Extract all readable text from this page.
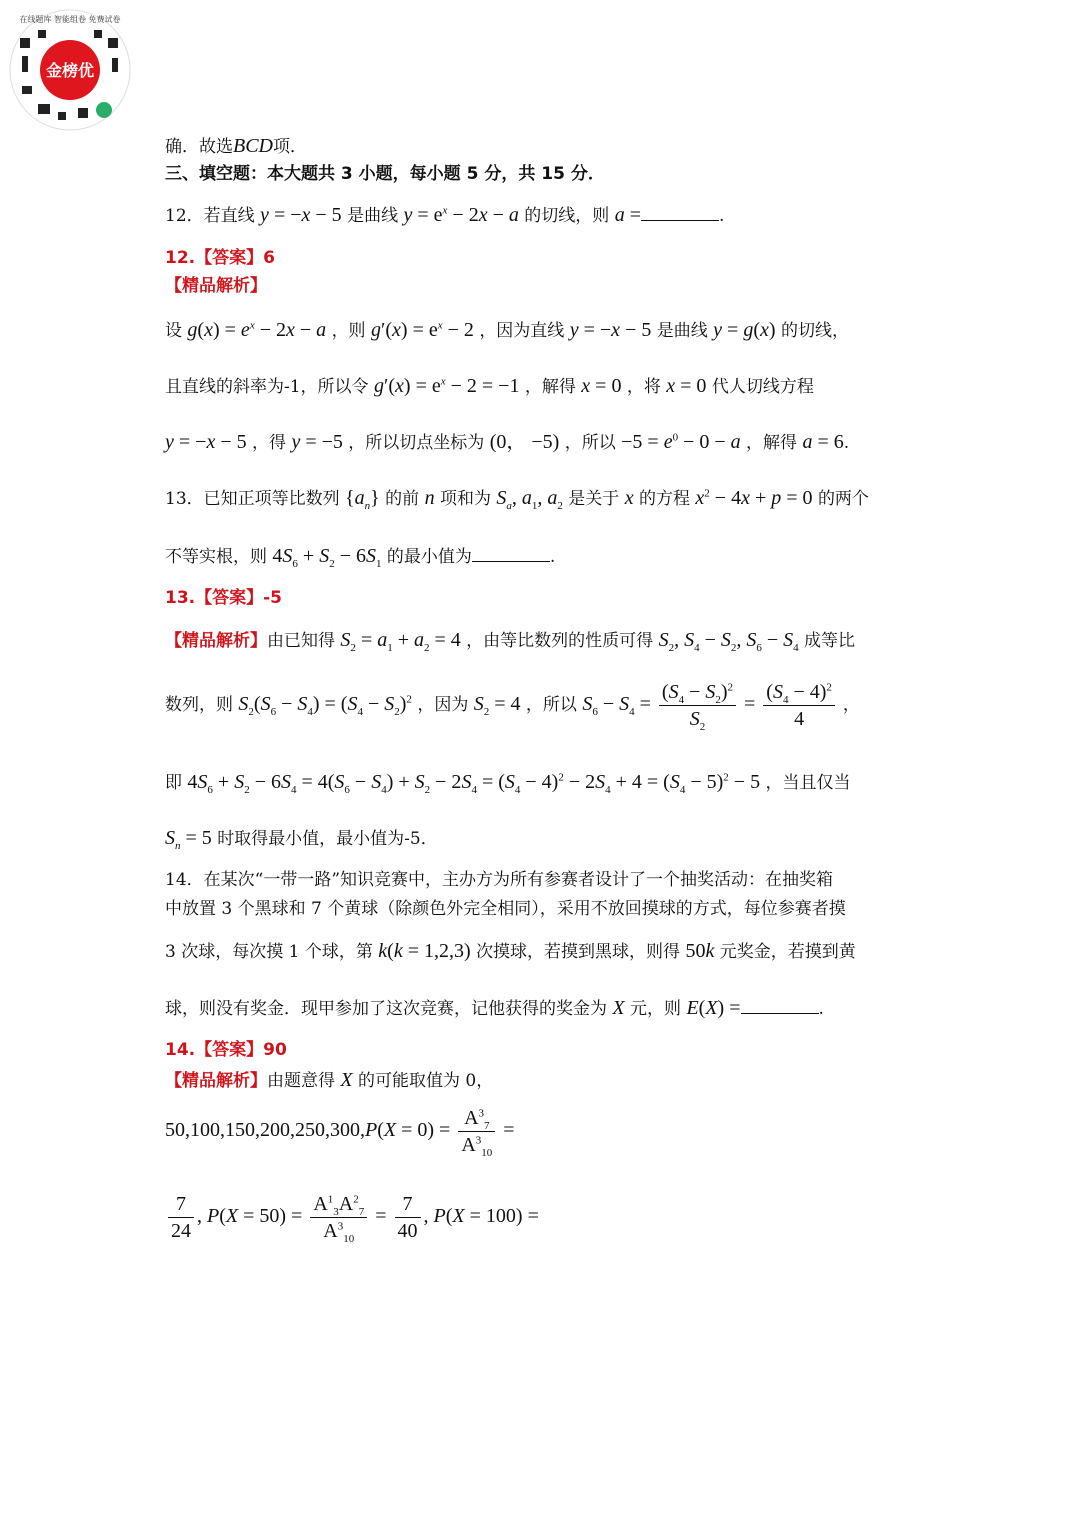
金榜优
在线题库 智能组卷 免费试卷
确．故选BCD项．
三、填空题：本大题共 3 小题，每小题 5 分，共 15 分．
12．若直线 y = −x − 5 是曲线 $y = e^x - 2x - a$ 的切线，则 a =	.
12.【答案】6
【精品解析】
设 $g(x) = e^x - 2x - a$ ，则 $g'(x) = e^x - 2$ ，因为直线 y = −x − 5 是曲线 y = g(x) 的切线，
且直线的斜率为-1，所以令 $g'(x) = e^x - 2 = -1$ ，解得 x = 0 ，将 x = 0 代人切线方程
y = −x − 5 ，得 y = −5 ，所以切点坐标为 (0， −5) ，所以 $-5 = e^0 - 0 - a$ ，解得 a = 6.
13．已知正项等比数列 $\{a_n\}$ 的前 n 项和为 $S_a$, $a_1$, $a_2$ 是关于 x 的方程 $x^2 - 4x + p = 0$ 的两个
不等实根，则 $4S_6 + S_2 - 6S_1$ 的最小值为	.
13.【答案】-5
【精品解析】由已知得 $S_2 = a_1 + a_2 = 4$ ，由等比数列的性质可得 $S_2$, $S_4 - S_2$, $S_6 - S_4$ 成等比
数列，则 $S_2(S_6 - S_4) = (S_4 - S_2)^2$ ，因为 $S_2 = 4$ ，所以 $S_6 - S_4 = \frac{(S_4 - S_2)^2}{S_2} = \frac{(S_4 - 4)^2}{4}$ ，
即 $4S_6 + S_2 - 6S_4 = 4(S_6 - S_4) + S_2 - 2S_4 = (S_4 - 4)^2 - 2S_4 + 4 = (S_4 - 5)^2 - 5$ ，当且仅当
$S_n = 5$ 时取得最小值，最小值为-5．
14．在某次“一带一路”知识竞赛中，主办方为所有参赛者设计了一个抽奖活动：在抽奖箱
中放置 3 个黑球和 7 个黄球（除颜色外完全相同），采用不放回摸球的方式，每位参赛者摸
3 次球，每次摸 1 个球，第 k(k = 1,2,3) 次摸球，若摸到黑球，则得 50k 元奖金，若摸到黄
球，则没有奖金．现甲参加了这次竞赛，记他获得的奖金为 X 元，则 E(X) =	.
14.【答案】90
【精品解析】由题意得 X 的可能取值为 0，
$50,100,150,200,250,300,P(X = 0) = \frac{A^3_7}{A^3_{10}}$ =
$\frac{7}{24}$ , $P(X = 50) = \frac{A^1_3A^2_7}{A^3_{10}} = \frac{7}{40}$ , P(X = 100) =
